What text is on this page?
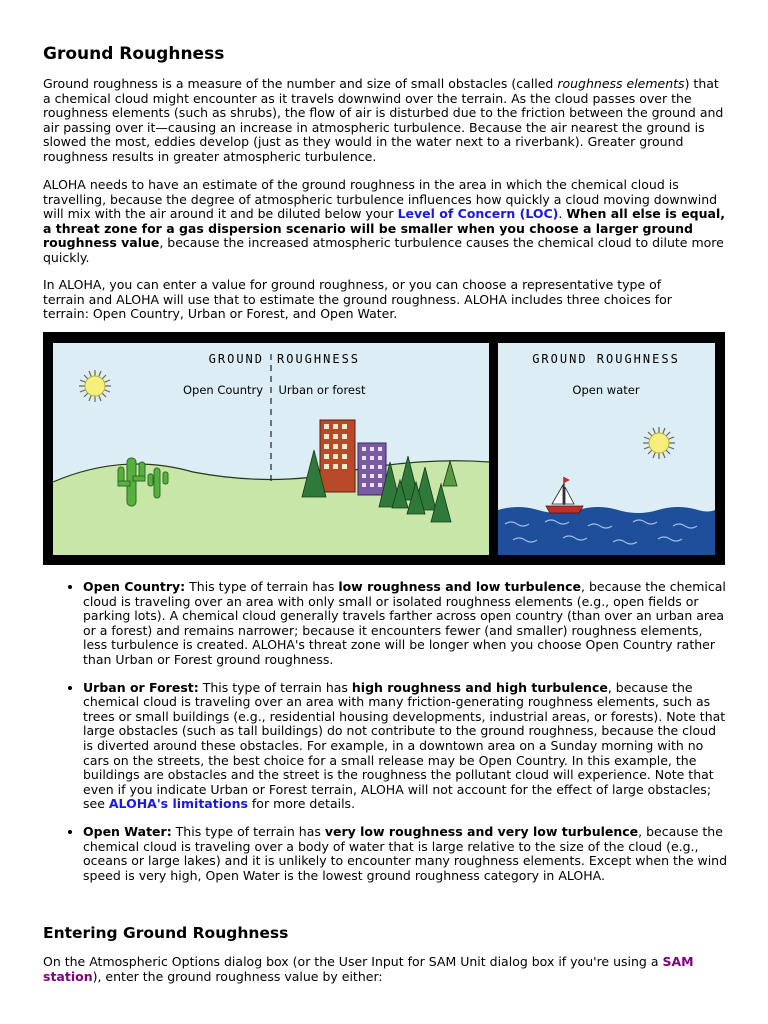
Ground Roughness

Ground roughness is a measure of the number and size of small obstacles (called roughness elements) that a chemical cloud might encounter as it travels downwind over the terrain. As the cloud passes over the roughness elements (such as shrubs), the flow of air is disturbed due to the friction between the ground and air passing over it—causing an increase in atmospheric turbulence. Because the air nearest the ground is slowed the most, eddies develop (just as they would in the water next to a riverbank). Greater ground roughness results in greater atmospheric turbulence.

ALOHA needs to have an estimate of the ground roughness in the area in which the chemical cloud is travelling, because the degree of atmospheric turbulence influences how quickly a cloud moving downwind will mix with the air around it and be diluted below your Level of Concern (LOC). When all else is equal, a threat zone for a gas dispersion scenario will be smaller when you choose a larger ground roughness value, because the increased atmospheric turbulence causes the chemical cloud to dilute more quickly.

In ALOHA, you can enter a value for ground roughness, or you can choose a representative type of terrain and ALOHA will use that to estimate the ground roughness. ALOHA includes three choices for terrain: Open Country, Urban or Forest, and Open Water.

• Open Country: This type of terrain has low roughness and low turbulence, because the chemical cloud is traveling over an area with only small or isolated roughness elements (e.g., open fields or parking lots). A chemical cloud generally travels farther across open country (than over an urban area or a forest) and remains narrower; because it encounters fewer (and smaller) roughness elements, less turbulence is created. ALOHA's threat zone will be longer when you choose Open Country rather than Urban or Forest ground roughness.
• Urban or Forest: This type of terrain has high roughness and high turbulence, because the chemical cloud is traveling over an area with many friction-generating roughness elements, such as trees or small buildings (e.g., residential housing developments, industrial areas, or forests). Note that large obstacles (such as tall buildings) do not contribute to the ground roughness, because the cloud is diverted around these obstacles. For example, in a downtown area on a Sunday morning with no cars on the streets, the best choice for a small release may be Open Country. In this example, the buildings are obstacles and the street is the roughness the pollutant cloud will experience. Note that even if you indicate Urban or Forest terrain, ALOHA will not account for the effect of large obstacles; see ALOHA's limitations for more details.
• Open Water: This type of terrain has very low roughness and very low turbulence, because the chemical cloud is traveling over a body of water that is large relative to the size of the cloud (e.g., oceans or large lakes) and it is unlikely to encounter many roughness elements. Except when the wind speed is very high, Open Water is the lowest ground roughness category in ALOHA.
Entering Ground Roughness

On the Atmospheric Options dialog box (or the User Input for SAM Unit dialog box if you're using a SAM station), enter the ground roughness value by either:

GROUND ROUGHNESS
Open Country Urban or forest
GROUND ROUGHNESS
Open water
